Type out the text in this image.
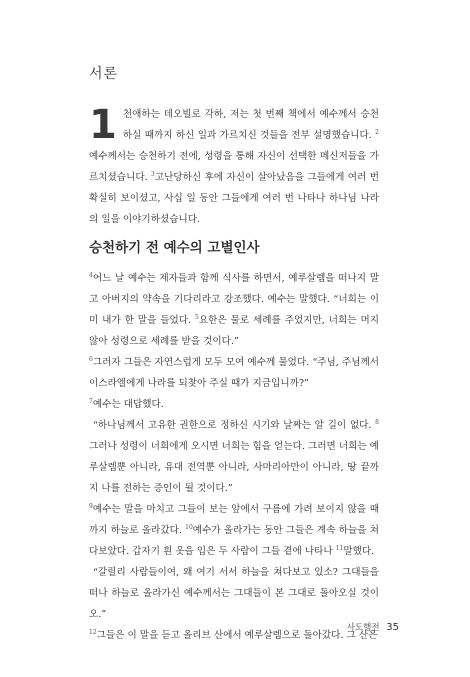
서론
1 천애하는 데오빌로 각하, 저는 첫 번째 책에서 예수께서 승천하실 때까지 하신 일과 가르치신 것들을 전부 설명했습니다. $^2$예수께서는 승천하기 전에, 성령을 통해 자신이 선택한 메신저들을 가르치셨습니다. $^3$고난당하신 후에 자신이 살아났음을 그들에게 여러 번 확실히 보이셨고, 사십 일 동안 그들에게 여러 번 나타나 하나님 나라의 일을 이야기하셨습니다.
승천하기 전 예수의 고별인사

$^4$어느 날 예수는 제자들과 함께 식사를 하면서, 예루살렘을 떠나지 말고 아버지의 약속을 기다리라고 강조했다. 예수는 말했다. “너희는 이미 내가 한 말을 들었다. $^5$요한은 물로 세례를 주었지만, 너희는 머지않아 성령으로 세례를 받을 것이다.”

$^6$그러자 그들은 자연스럽게 모두 모여 예수께 물었다. “주님, 주님께서 이스라엘에게 나라를 되찾아 주실 때가 지금입니까?”

$^7$예수는 대답했다.

“하나님께서 고유한 권한으로 정하신 시기와 날짜는 알 길이 없다. $^8$그러나 성령이 너희에게 오시면 너희는 힘을 얻는다. 그러면 너희는 예루살렘뿐 아니라, 유대 전역뿐 아니라, 사마리아만이 아니라, 땅 끝까지 나를 전하는 증인이 될 것이다.”

$^9$예수는 말을 마치고 그들이 보는 앞에서 구름에 가려 보이지 않을 때까지 하늘로 올라갔다. $^{10}$예수가 올라가는 동안 그들은 계속 하늘을 쳐다보았다. 갑자기 흰 옷을 입은 두 사람이 그들 곁에 나타나 $^{11}$말했다.

“갈릴리 사람들이여, 왜 여기 서서 하늘을 쳐다보고 있소? 그대들을 떠나 하늘로 올라가신 예수께서는 그대들이 본 그대로 돌아오실 것이오.”

$^{12}$그들은 이 말을 듣고 올리브 산에서 예루살렘으로 돌아갔다. 그 산은

사도행전 35
